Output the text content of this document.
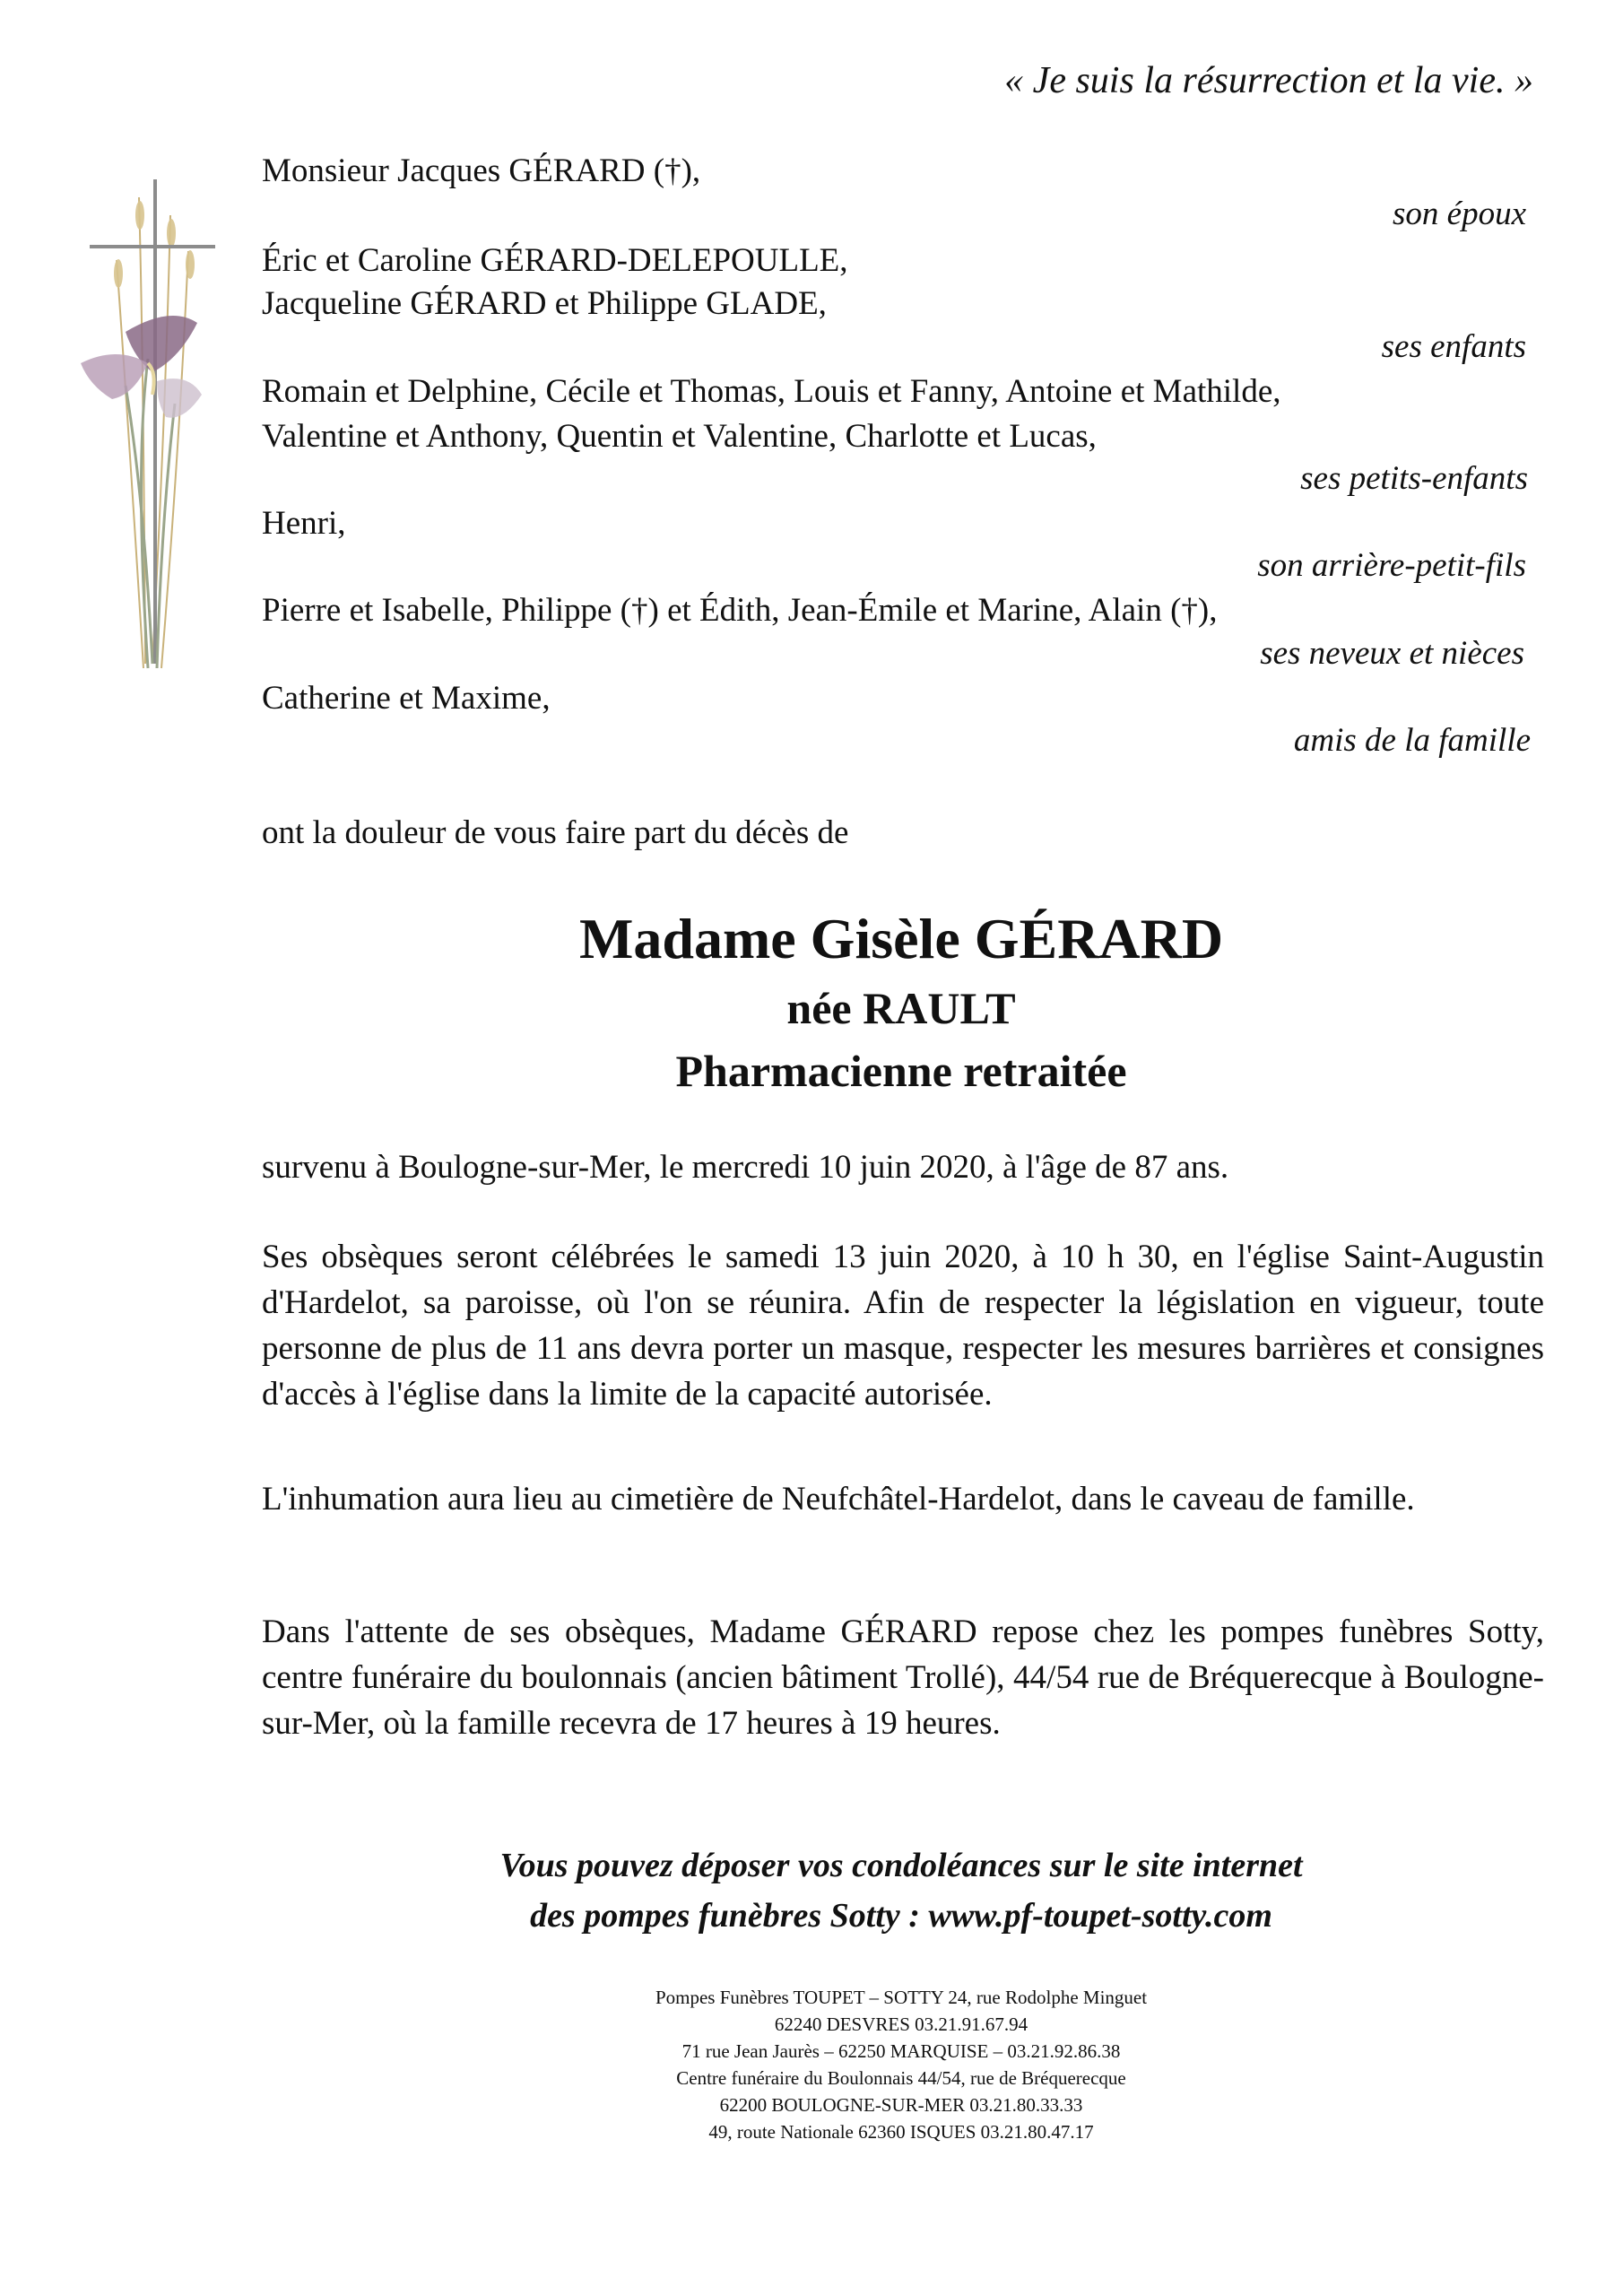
« Je suis la résurrection et la vie. »

Monsieur Jacques GÉRARD (†),

son époux

Éric et Caroline GÉRARD-DELEPOULLE,

Jacqueline GÉRARD et Philippe GLADE,

ses enfants

Romain et Delphine, Cécile et Thomas, Louis et Fanny, Antoine et Mathilde,

Valentine et Anthony, Quentin et Valentine, Charlotte et Lucas,

ses petits-enfants

Henri,

son arrière-petit-fils

Pierre et Isabelle, Philippe (†) et Édith, Jean-Émile et Marine, Alain (†),

ses neveux et nièces

Catherine et Maxime,

amis de la famille

ont la douleur de vous faire part du décès de

Madame Gisèle GÉRARD

née RAULT

Pharmacienne retraitée

survenu à Boulogne-sur-Mer, le mercredi 10 juin 2020, à l'âge de 87 ans.

Ses obsèques seront célébrées le samedi 13 juin 2020, à 10 h 30, en l'église Saint-Augustin d'Hardelot, sa paroisse, où l'on se réunira. Afin de respecter la législation en vigueur, toute personne de plus de 11 ans devra porter un masque, respecter les mesures barrières et consignes d'accès à l'église dans la limite de la capacité autorisée.

L'inhumation aura lieu au cimetière de Neufchâtel-Hardelot, dans le caveau de famille.

Dans l'attente de ses obsèques, Madame GÉRARD repose chez les pompes funèbres Sotty, centre funéraire du boulonnais (ancien bâtiment Trollé), 44/54 rue de Bréquerecque à Boulogne-sur-Mer, où la famille recevra de 17 heures à 19 heures.

Vous pouvez déposer vos condoléances sur le site internet
des pompes funèbres Sotty : www.pf-toupet-sotty.com
Pompes Funèbres TOUPET – SOTTY 24, rue Rodolphe Minguet
62240 DESVRES 03.21.91.67.94
71 rue Jean Jaurès – 62250 MARQUISE – 03.21.92.86.38
Centre funéraire du Boulonnais 44/54, rue de Bréquerecque
62200 BOULOGNE-SUR-MER 03.21.80.33.33
49, route Nationale 62360 ISQUES 03.21.80.47.17
